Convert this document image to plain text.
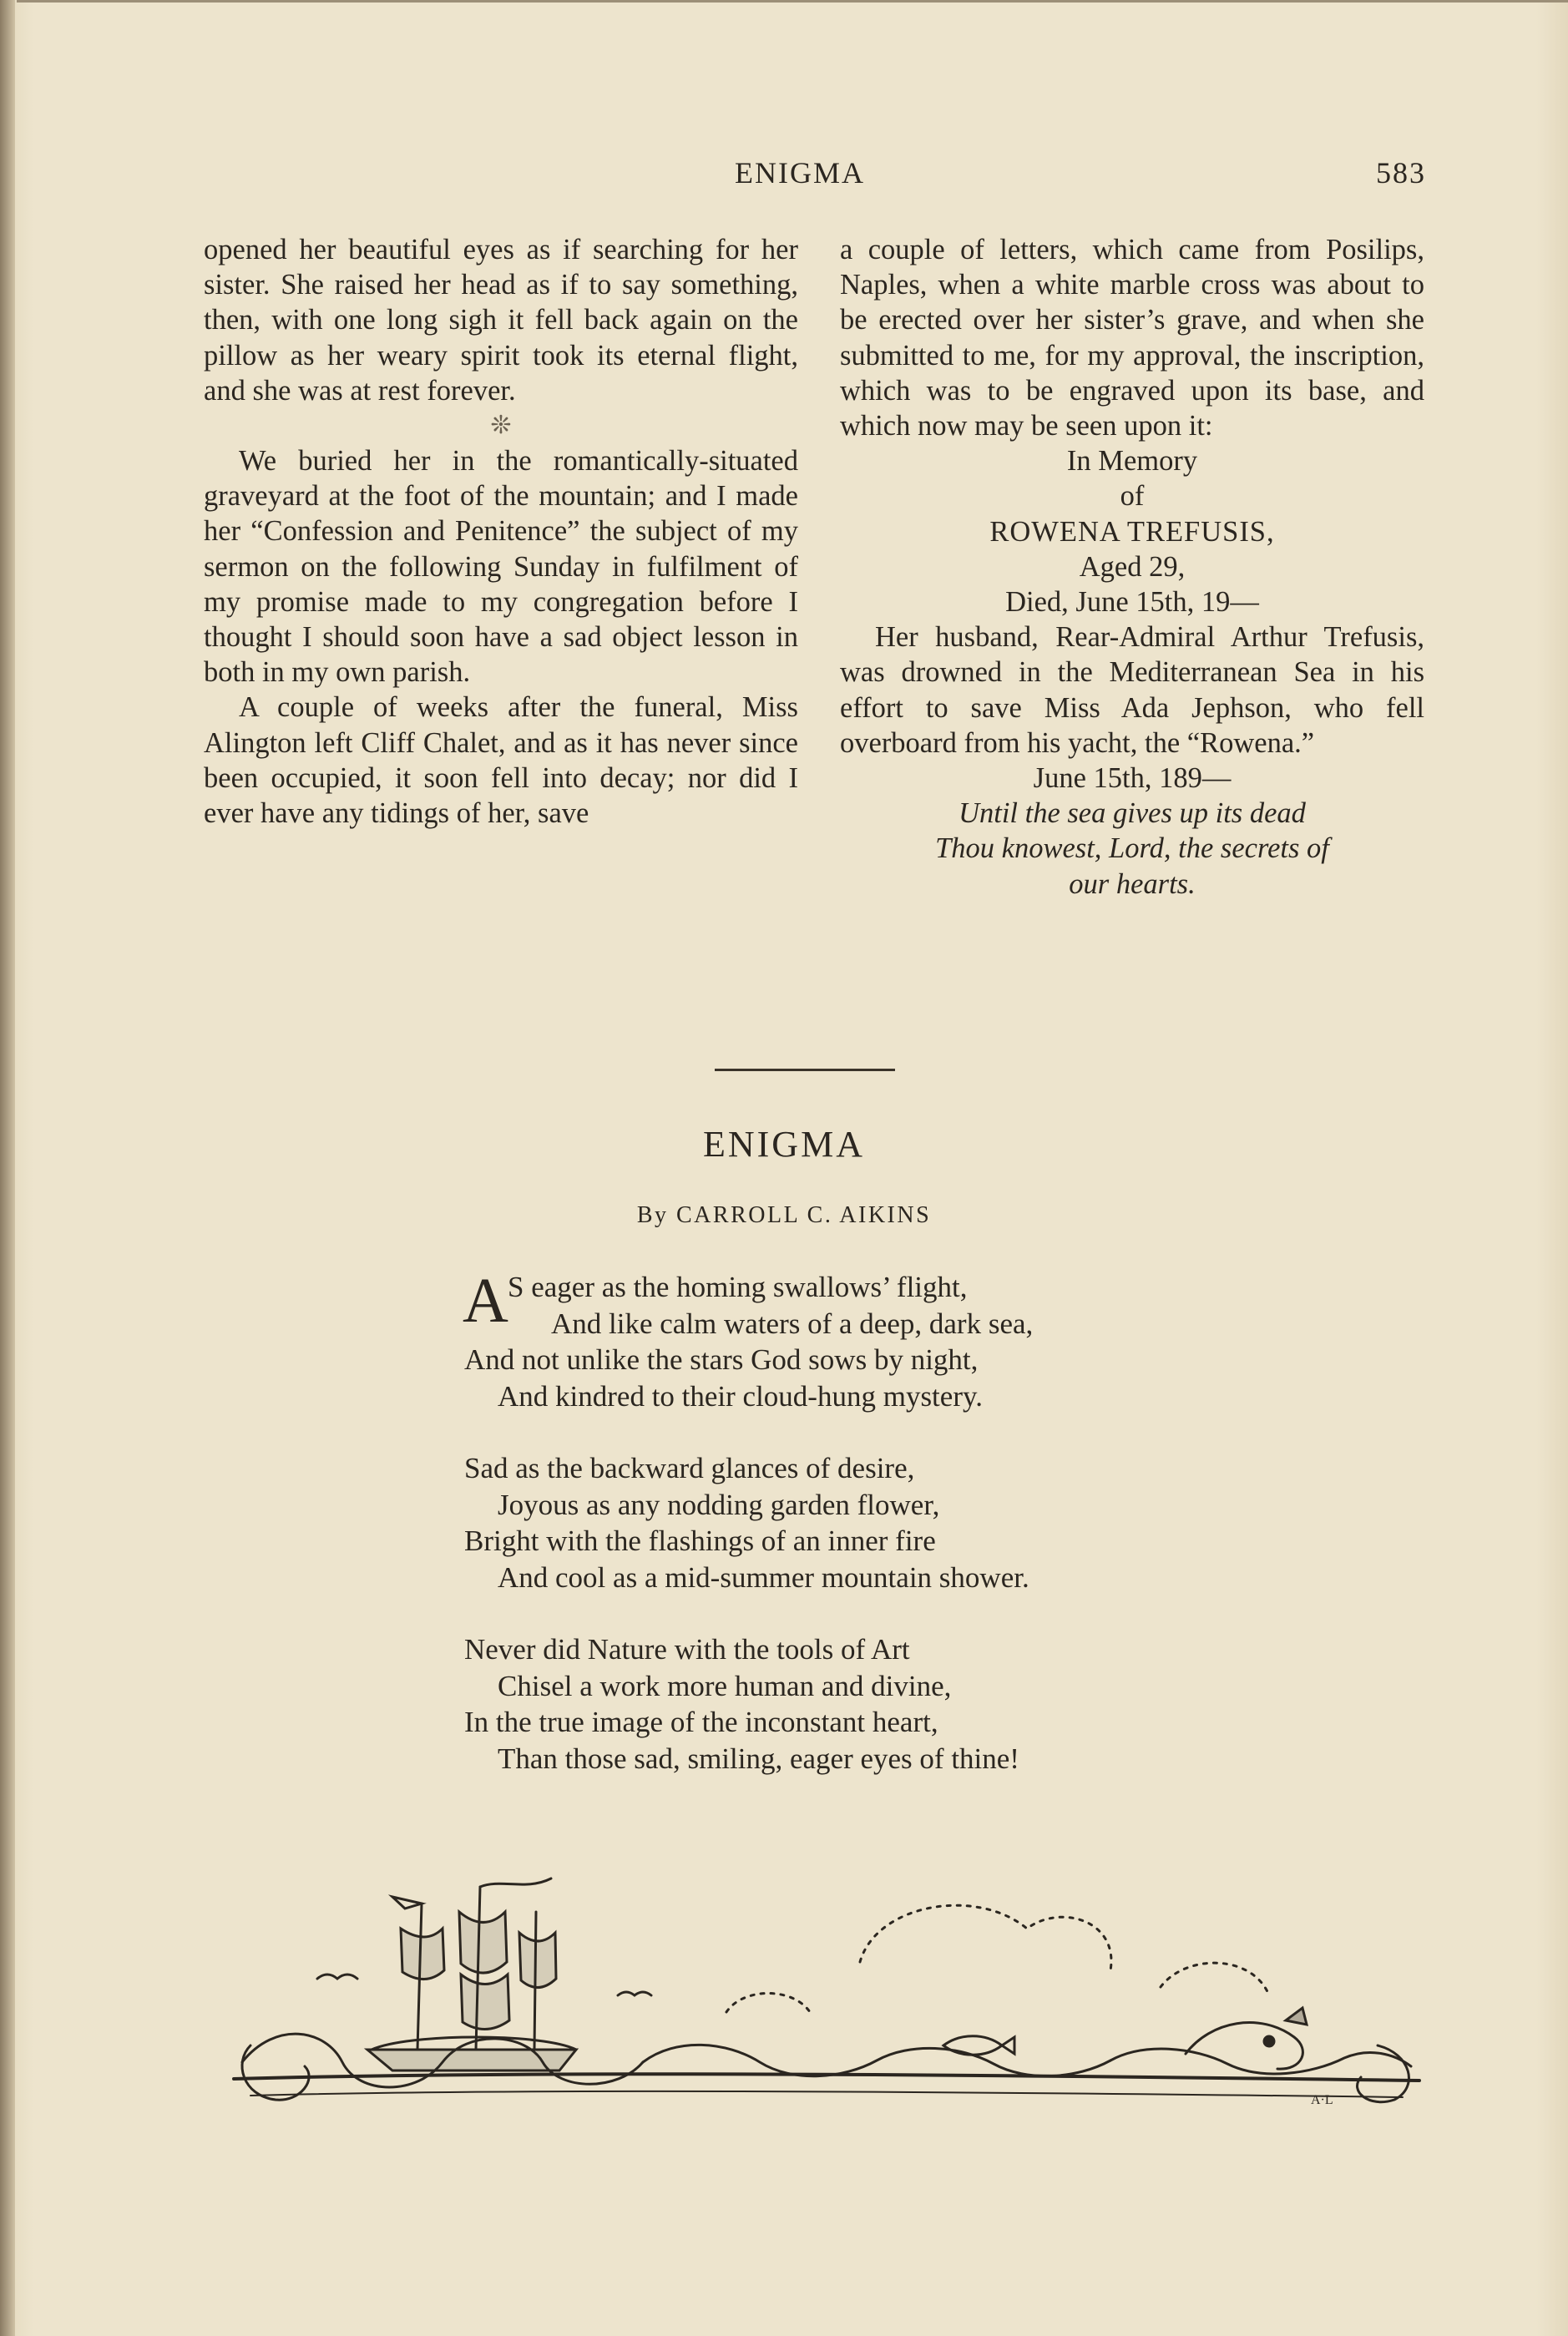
ENIGMA	583

opened her beautiful eyes as if searching for her sister. She raised her head as if to say something, then, with one long sigh it fell back again on the pillow as her weary spirit took its eternal flight, and she was at rest forever.

❊

We buried her in the romantically-situated graveyard at the foot of the mountain; and I made her “Confession and Penitence” the subject of my sermon on the following Sunday in fulfilment of my promise made to my congregation before I thought I should soon have a sad object lesson in both in my own parish.

A couple of weeks after the funeral, Miss Alington left Cliff Chalet, and as it has never since been occupied, it soon fell into decay; nor did I ever have any tidings of her, save

a couple of letters, which came from Posilips, Naples, when a white marble cross was about to be erected over her sister’s grave, and when she submitted to me, for my approval, the inscription, which was to be engraved upon its base, and which now may be seen upon it:

In Memory
of
ROWENA TREFUSIS,
Aged 29,
Died, June 15th, 19—

Her husband, Rear-Admiral Arthur Trefusis, was drowned in the Mediterranean Sea in his effort to save Miss Ada Jephson, who fell overboard from his yacht, the “Rowena.”

June 15th, 189—
Until the sea gives up its dead
Thou knowest, Lord, the secrets of
our hearts.
ENIGMA
By CARROLL C. AIKINS
A S eager as the homing swallows’ flight,
And like calm waters of a deep, dark sea,
And not unlike the stars God sows by night,
And kindred to their cloud-hung mystery.
Sad as the backward glances of desire,
Joyous as any nodding garden flower,
Bright with the flashings of an inner fire
And cool as a mid-summer mountain shower.
Never did Nature with the tools of Art
Chisel a work more human and divine,
In the true image of the inconstant heart,
Than those sad, smiling, eager eyes of thine!
A·L
